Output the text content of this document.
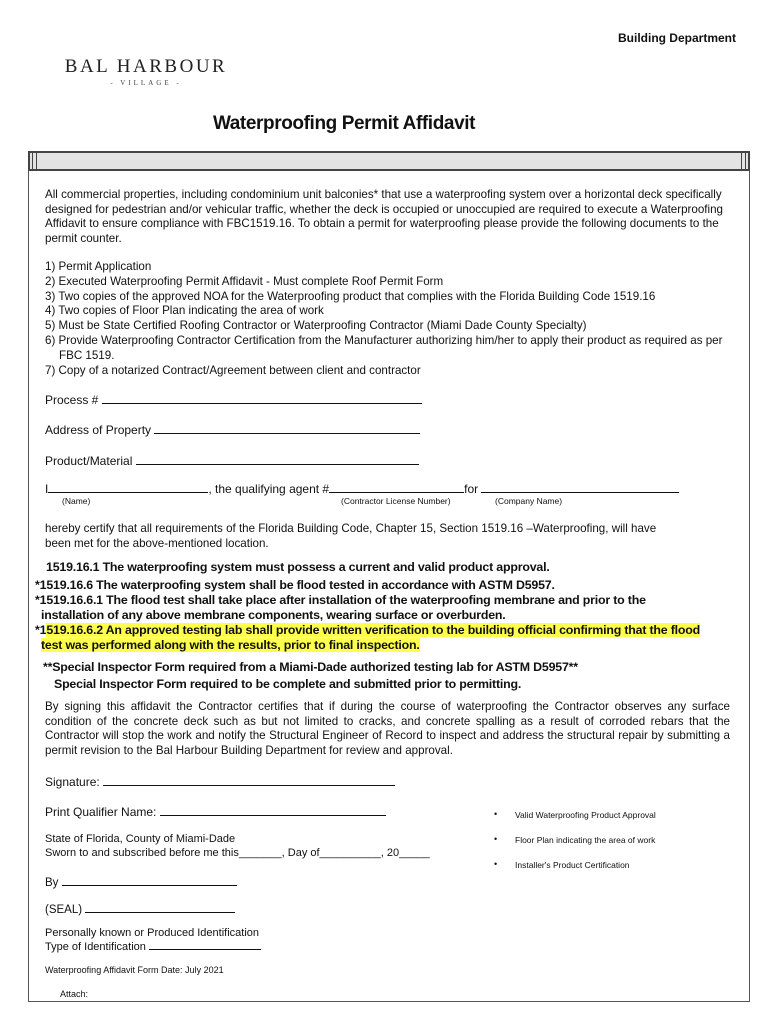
Building Department
BAL HARBOUR
- VILLAGE -
Waterproofing Permit Affidavit
All commercial properties, including condominium unit balconies* that use a waterproofing system over a horizontal deck specifically designed for pedestrian and/or vehicular traffic, whether the deck is occupied or unoccupied are required to execute a Waterproofing Affidavit to ensure compliance with FBC1519.16. To obtain a permit for waterproofing please provide the following documents to the permit counter.
1) Permit Application
2) Executed Waterproofing Permit Affidavit - Must complete Roof Permit Form
3) Two copies of the approved NOA for the Waterproofing product that complies with the Florida Building Code 1519.16
4) Two copies of Floor Plan indicating the area of work
5) Must be State Certified Roofing Contractor or Waterproofing Contractor (Miami Dade County Specialty)
6) Provide Waterproofing Contractor Certification from the Manufacturer authorizing him/her to apply their product as required as per FBC 1519.
7) Copy of a notarized Contract/Agreement between client and contractor
Process #
Address of Property
Product/Material
I	, the qualifying agent #	for
(Name)	(Contractor License Number)	(Company Name)
hereby certify that all requirements of the Florida Building Code, Chapter 15, Section 1519.16 –Waterproofing, will have been met for the above-mentioned location.
1519.16.1 The waterproofing system must possess a current and valid product approval.
*1519.16.6 The waterproofing system shall be flood tested in accordance with ASTM D5957.
*1519.16.6.1 The flood test shall take place after installation of the waterproofing membrane and prior to the
installation of any above membrane components, wearing surface or overburden.
*1519.16.6.2 An approved testing lab shall provide written verification to the building official confirming that the flood
test was performed along with the results, prior to final inspection.
**Special Inspector Form required from a Miami-Dade authorized testing lab for ASTM D5957**
Special Inspector Form required to be complete and submitted prior to permitting.
By signing this affidavit the Contractor certifies that if during the course of waterproofing the Contractor observes any surface condition of the concrete deck such as but not limited to cracks, and concrete spalling as a result of corroded rebars that the Contractor will stop the work and notify the Structural Engineer of Record to inspect and address the structural repair by submitting a permit revision to the Bal Harbour Building Department for review and approval.
Signature:
Print Qualifier Name:
State of Florida, County of Miami-Dade
Sworn to and subscribed before me this_______, Day of__________, 20_____
By
(SEAL)
Personally known or Produced Identification
Type of Identification
Waterproofing Affidavit Form Date: July 2021
Attach:
• Valid Waterproofing Product Approval
• Floor Plan indicating the area of work
• Installer's Product Certification
